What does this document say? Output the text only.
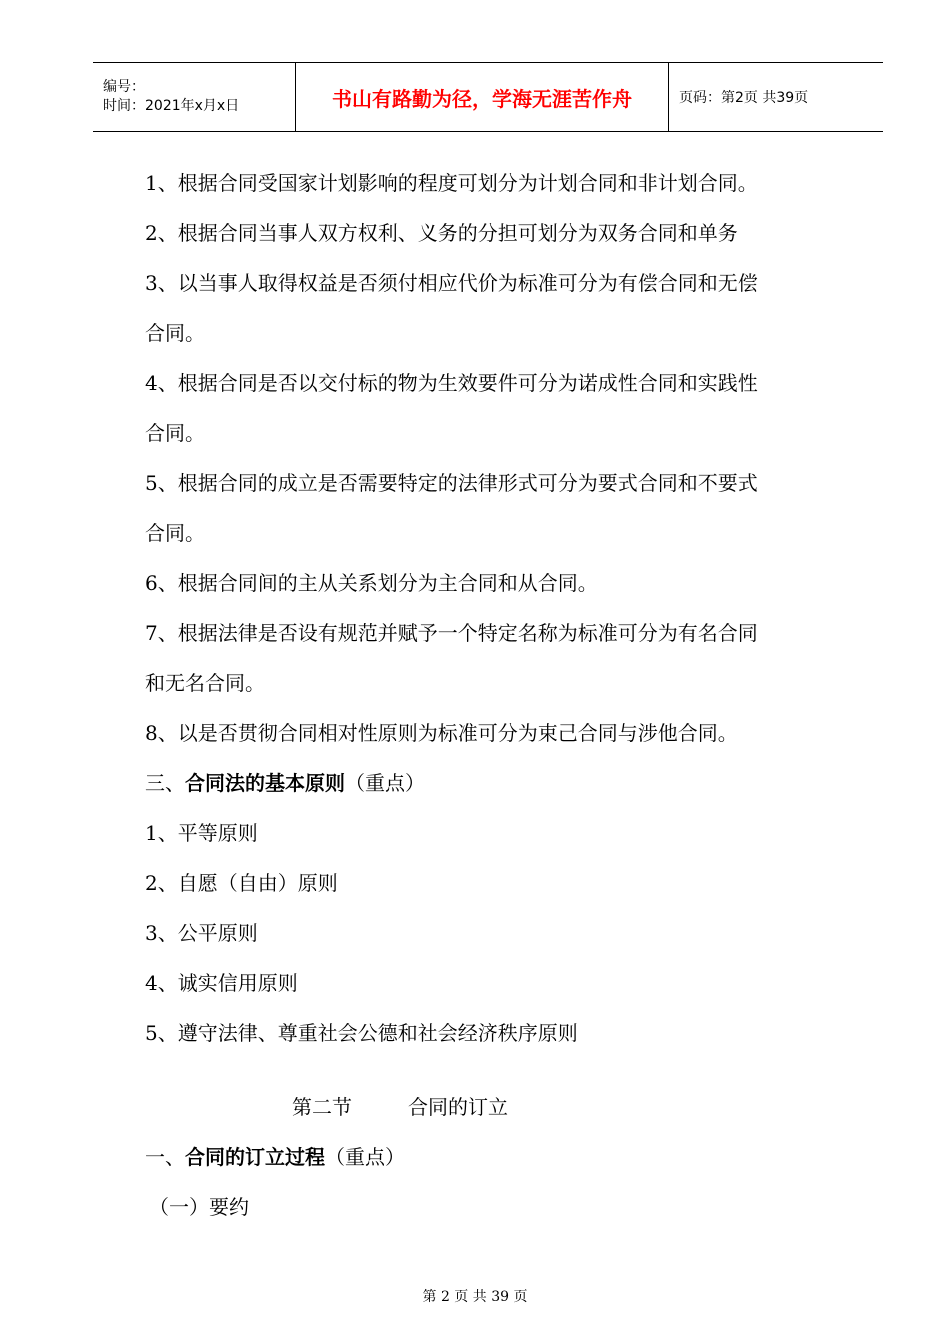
编号：
时间：2021年x月x日	书山有路勤为径，学海无涯苦作舟	页码：第2页 共39页
1、根据合同受国家计划影响的程度可划分为计划合同和非计划合同。
2、根据合同当事人双方权利、义务的分担可划分为双务合同和单务
3、以当事人取得权益是否须付相应代价为标准可分为有偿合同和无偿
合同。
4、根据合同是否以交付标的物为生效要件可分为诺成性合同和实践性
合同。
5、根据合同的成立是否需要特定的法律形式可分为要式合同和不要式
合同。
6、根据合同间的主从关系划分为主合同和从合同。
7、根据法律是否设有规范并赋予一个特定名称为标准可分为有名合同
和无名合同。
8、以是否贯彻合同相对性原则为标准可分为束己合同与涉他合同。
三、合同法的基本原则（重点）
1、平等原则
2、自愿（自由）原则
3、公平原则
4、诚实信用原则
5、遵守法律、尊重社会公德和社会经济秩序原则
第二节	合同的订立
一、合同的订立过程（重点）
（一）要约
第 2 页 共 39 页
